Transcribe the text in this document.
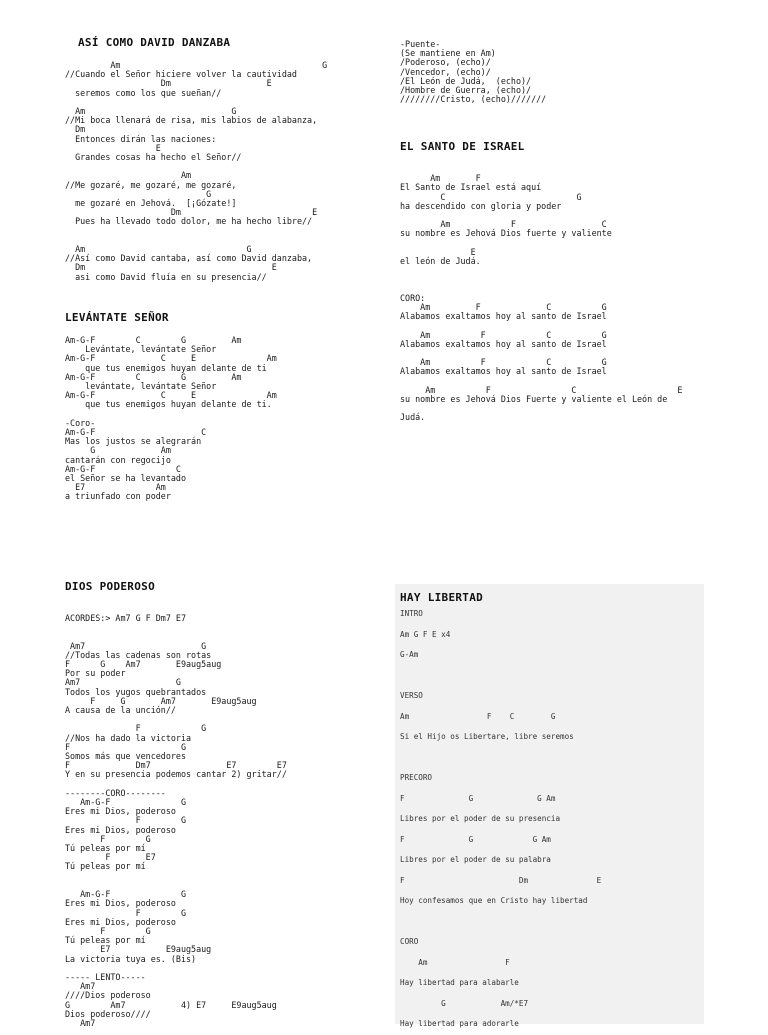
ASÍ COMO DAVID DANZABA
Am                                        G
//Cuando el Señor hiciere volver la cautividad
Dm                   E
seremos como los que sueñan//

Am                             G
//Mi boca llenará de risa, mis labios de alabanza,
Dm
Entonces dirán las naciones:
E
Grandes cosas ha hecho el Señor//

Am
//Me gozaré, me gozaré, me gozaré,
G
me gozaré en Jehová.  [¡Gózate!]
Dm                          E
Pues ha llevado todo dolor, me ha hecho libre//

Am                                G
//Así como David cantaba, así como David danzaba,
Dm                                     E
asi como David fluía en su presencia//
LEVÁNTATE SEÑOR
Am-G-F        C        G         Am
Levántate, levántate Señor
Am-G-F             C     E              Am
que tus enemigos huyan delante de ti
Am-G-F        C        G         Am
levántate, levántate Señor
Am-G-F             C     E              Am
que tus enemigos huyan delante de ti.

-Coro-
Am-G-F                     C
Mas los justos se alegrarán
G             Am
cantarán con regocijo
Am-G-F                C
el Señor se ha levantado
E7              Am
a triunfado con poder
DIOS PODEROSO
ACORDES:> Am7 G F Dm7 E7

Am7                       G
//Todas las cadenas son rotas
F      G    Am7       E9aug5aug
Por su poder
Am7                   G
Todos los yugos quebrantados
F     G       Am7       E9aug5aug
A causa de la unción//

F            G
//Nos ha dado la victoria
F                      G
Somos más que vencedores
F             Dm7               E7        E7
Y en su presencia podemos cantar 2) gritar//

--------CORO--------
Am-G-F              G
Eres mi Dios, poderoso
F        G
Eres mi Dios, poderoso
F        G
Tú peleas por mí
F       E7
Tú peleas por mí

Am-G-F              G
Eres mi Dios, poderoso
F        G
Eres mi Dios, poderoso
F        G
Tú peleas por mí
E7           E9aug5aug
La victoria tuya es. (Bis)

----- LENTO-----
Am7
////Dios poderoso
G        Am7           4) E7     E9aug5aug
Dios poderoso////
Am7
-Puente-
(Se mantiene en Am)
/Poderoso, (echo)/
/Vencedor, (echo)/
/El León de Judá,  (echo)/
/Hombre de Guerra, (echo)/
////////Cristo, (echo)///////
EL SANTO DE ISRAEL

Am       F
El Santo de Israel está aquí
C                          G
ha descendido con gloria y poder

Am            F                 C
su nombre es Jehová Dios fuerte y valiente

E
el león de Judá.

CORO:
Am         F             C          G
Alabamos exaltamos hoy al santo de Israel

Am          F            C          G
Alabamos exaltamos hoy al santo de Israel

Am          F            C          G
Alabamos exaltamos hoy al santo de Israel

Am          F                C                    E
su nombre es Jehová Dios Fuerte y valiente el León de

Judá.
HAY LIBERTAD
INTRO
Am G F E x4
G-Am

VERSO
Am                 F    C        G
Si el Hijo os Libertare, libre seremos

PRECORO
F              G              G Am
Libres por el poder de su presencia
F              G             G Am
Libres por el poder de su palabra
F                         Dm               E
Hoy confesamos que en Cristo hay libertad

CORO
Am                 F
Hay libertad para alabarle
G            Am/*E7
Hay libertad para adorarle
